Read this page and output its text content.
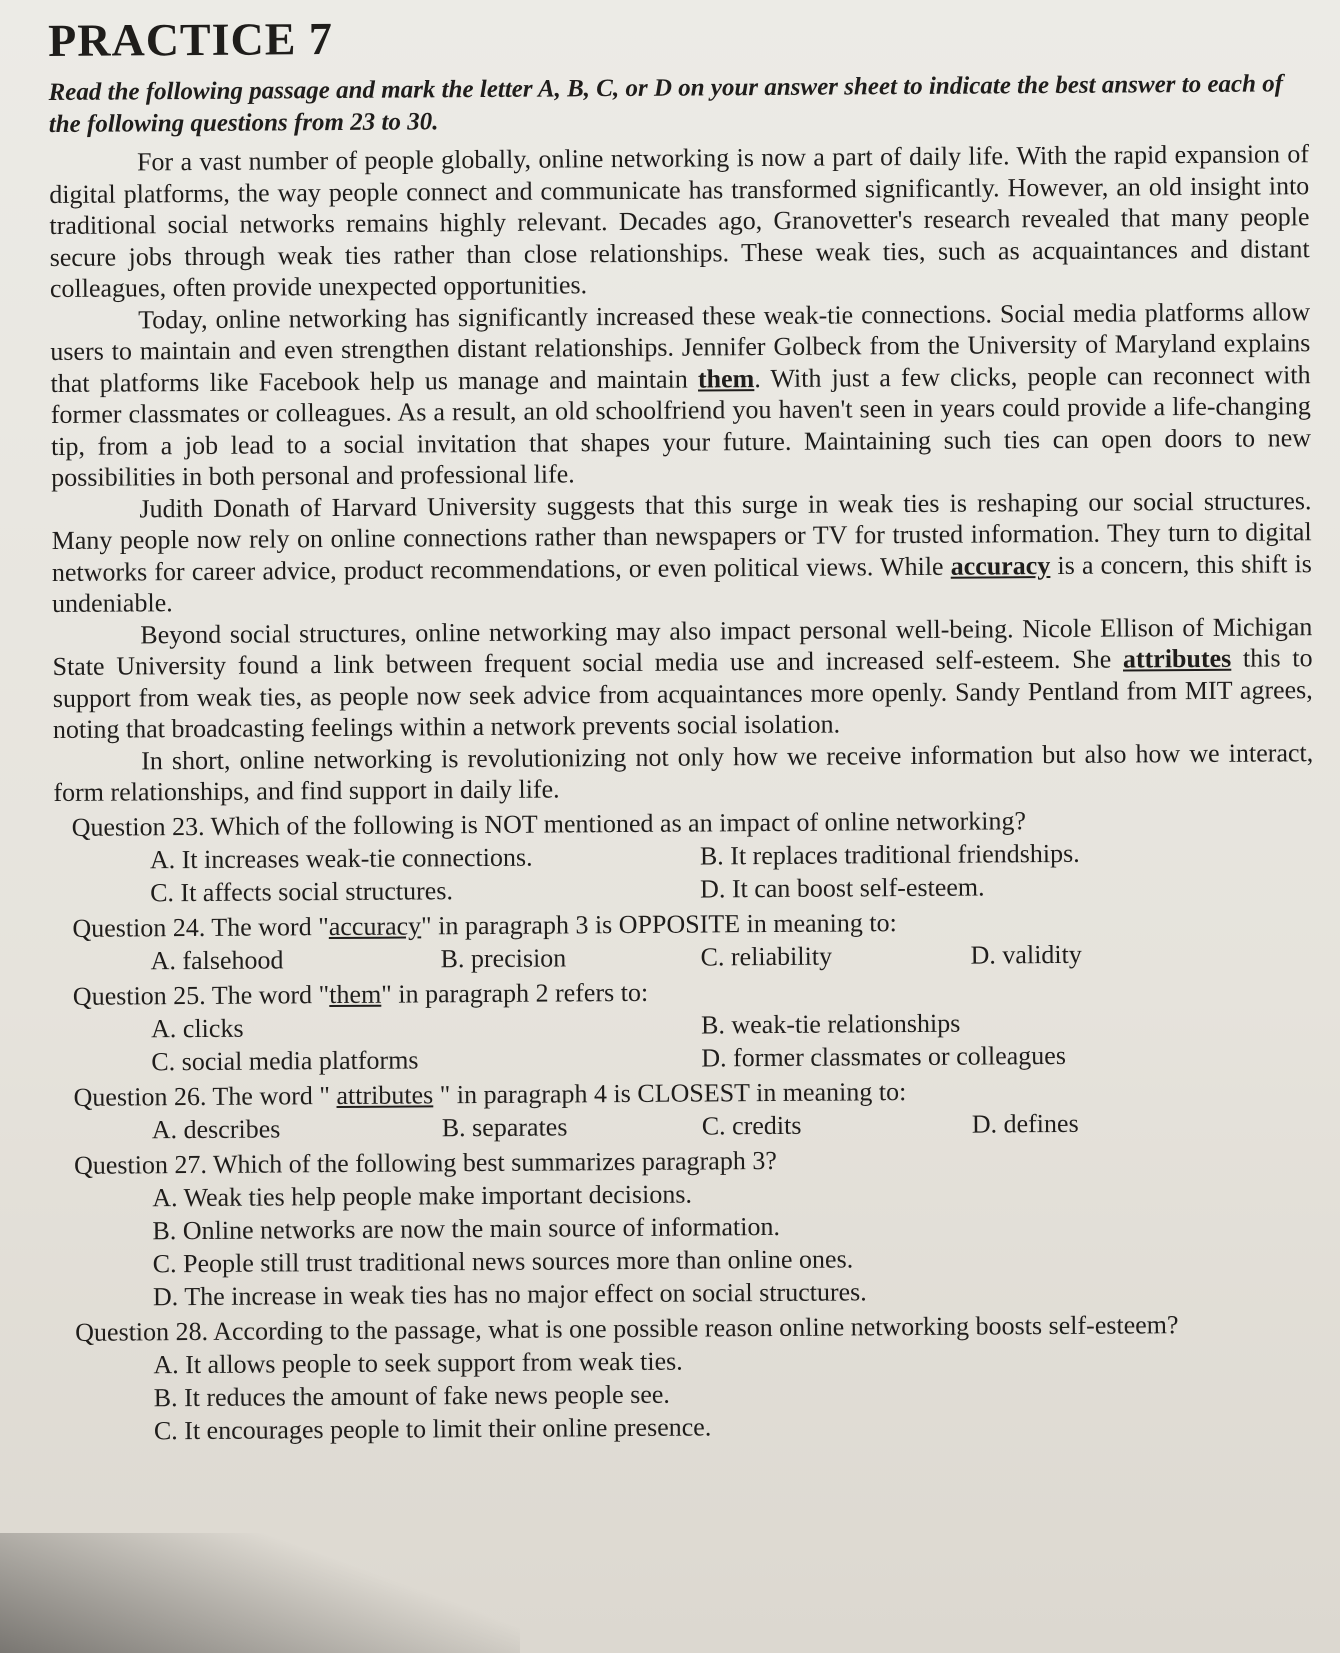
PRACTICE 7
Read the following passage and mark the letter A, B, C, or D on your answer sheet to indicate the best answer to each of the following questions from 23 to 30.

For a vast number of people globally, online networking is now a part of daily life. With the rapid expansion of digital platforms, the way people connect and communicate has transformed significantly. However, an old insight into traditional social networks remains highly relevant. Decades ago, Granovetter's research revealed that many people secure jobs through weak ties rather than close relationships. These weak ties, such as acquaintances and distant colleagues, often provide unexpected opportunities.

Today, online networking has significantly increased these weak-tie connections. Social media platforms allow users to maintain and even strengthen distant relationships. Jennifer Golbeck from the University of Maryland explains that platforms like Facebook help us manage and maintain them. With just a few clicks, people can reconnect with former classmates or colleagues. As a result, an old schoolfriend you haven't seen in years could provide a life-changing tip, from a job lead to a social invitation that shapes your future. Maintaining such ties can open doors to new possibilities in both personal and professional life.

Judith Donath of Harvard University suggests that this surge in weak ties is reshaping our social structures. Many people now rely on online connections rather than newspapers or TV for trusted information. They turn to digital networks for career advice, product recommendations, or even political views. While accuracy is a concern, this shift is undeniable.

Beyond social structures, online networking may also impact personal well-being. Nicole Ellison of Michigan State University found a link between frequent social media use and increased self-esteem. She attributes this to support from weak ties, as people now seek advice from acquaintances more openly. Sandy Pentland from MIT agrees, noting that broadcasting feelings within a network prevents social isolation.

In short, online networking is revolutionizing not only how we receive information but also how we interact, form relationships, and find support in daily life.

Question 23. Which of the following is NOT mentioned as an impact of online networking?
A. It increases weak-tie connections.	B. It replaces traditional friendships.
C. It affects social structures.	D. It can boost self-esteem.
Question 24. The word "accuracy" in paragraph 3 is OPPOSITE in meaning to:
A. falsehood	B. precision	C. reliability	D. validity
Question 25. The word "them" in paragraph 2 refers to:
A. clicks	B. weak-tie relationships
C. social media platforms	D. former classmates or colleagues
Question 26. The word " attributes " in paragraph 4 is CLOSEST in meaning to:
A. describes	B. separates	C. credits	D. defines
Question 27. Which of the following best summarizes paragraph 3?
A. Weak ties help people make important decisions.
B. Online networks are now the main source of information.
C. People still trust traditional news sources more than online ones.
D. The increase in weak ties has no major effect on social structures.
Question 28. According to the passage, what is one possible reason online networking boosts self-esteem?
A. It allows people to seek support from weak ties.
B. It reduces the amount of fake news people see.
C. It encourages people to limit their online presence.
